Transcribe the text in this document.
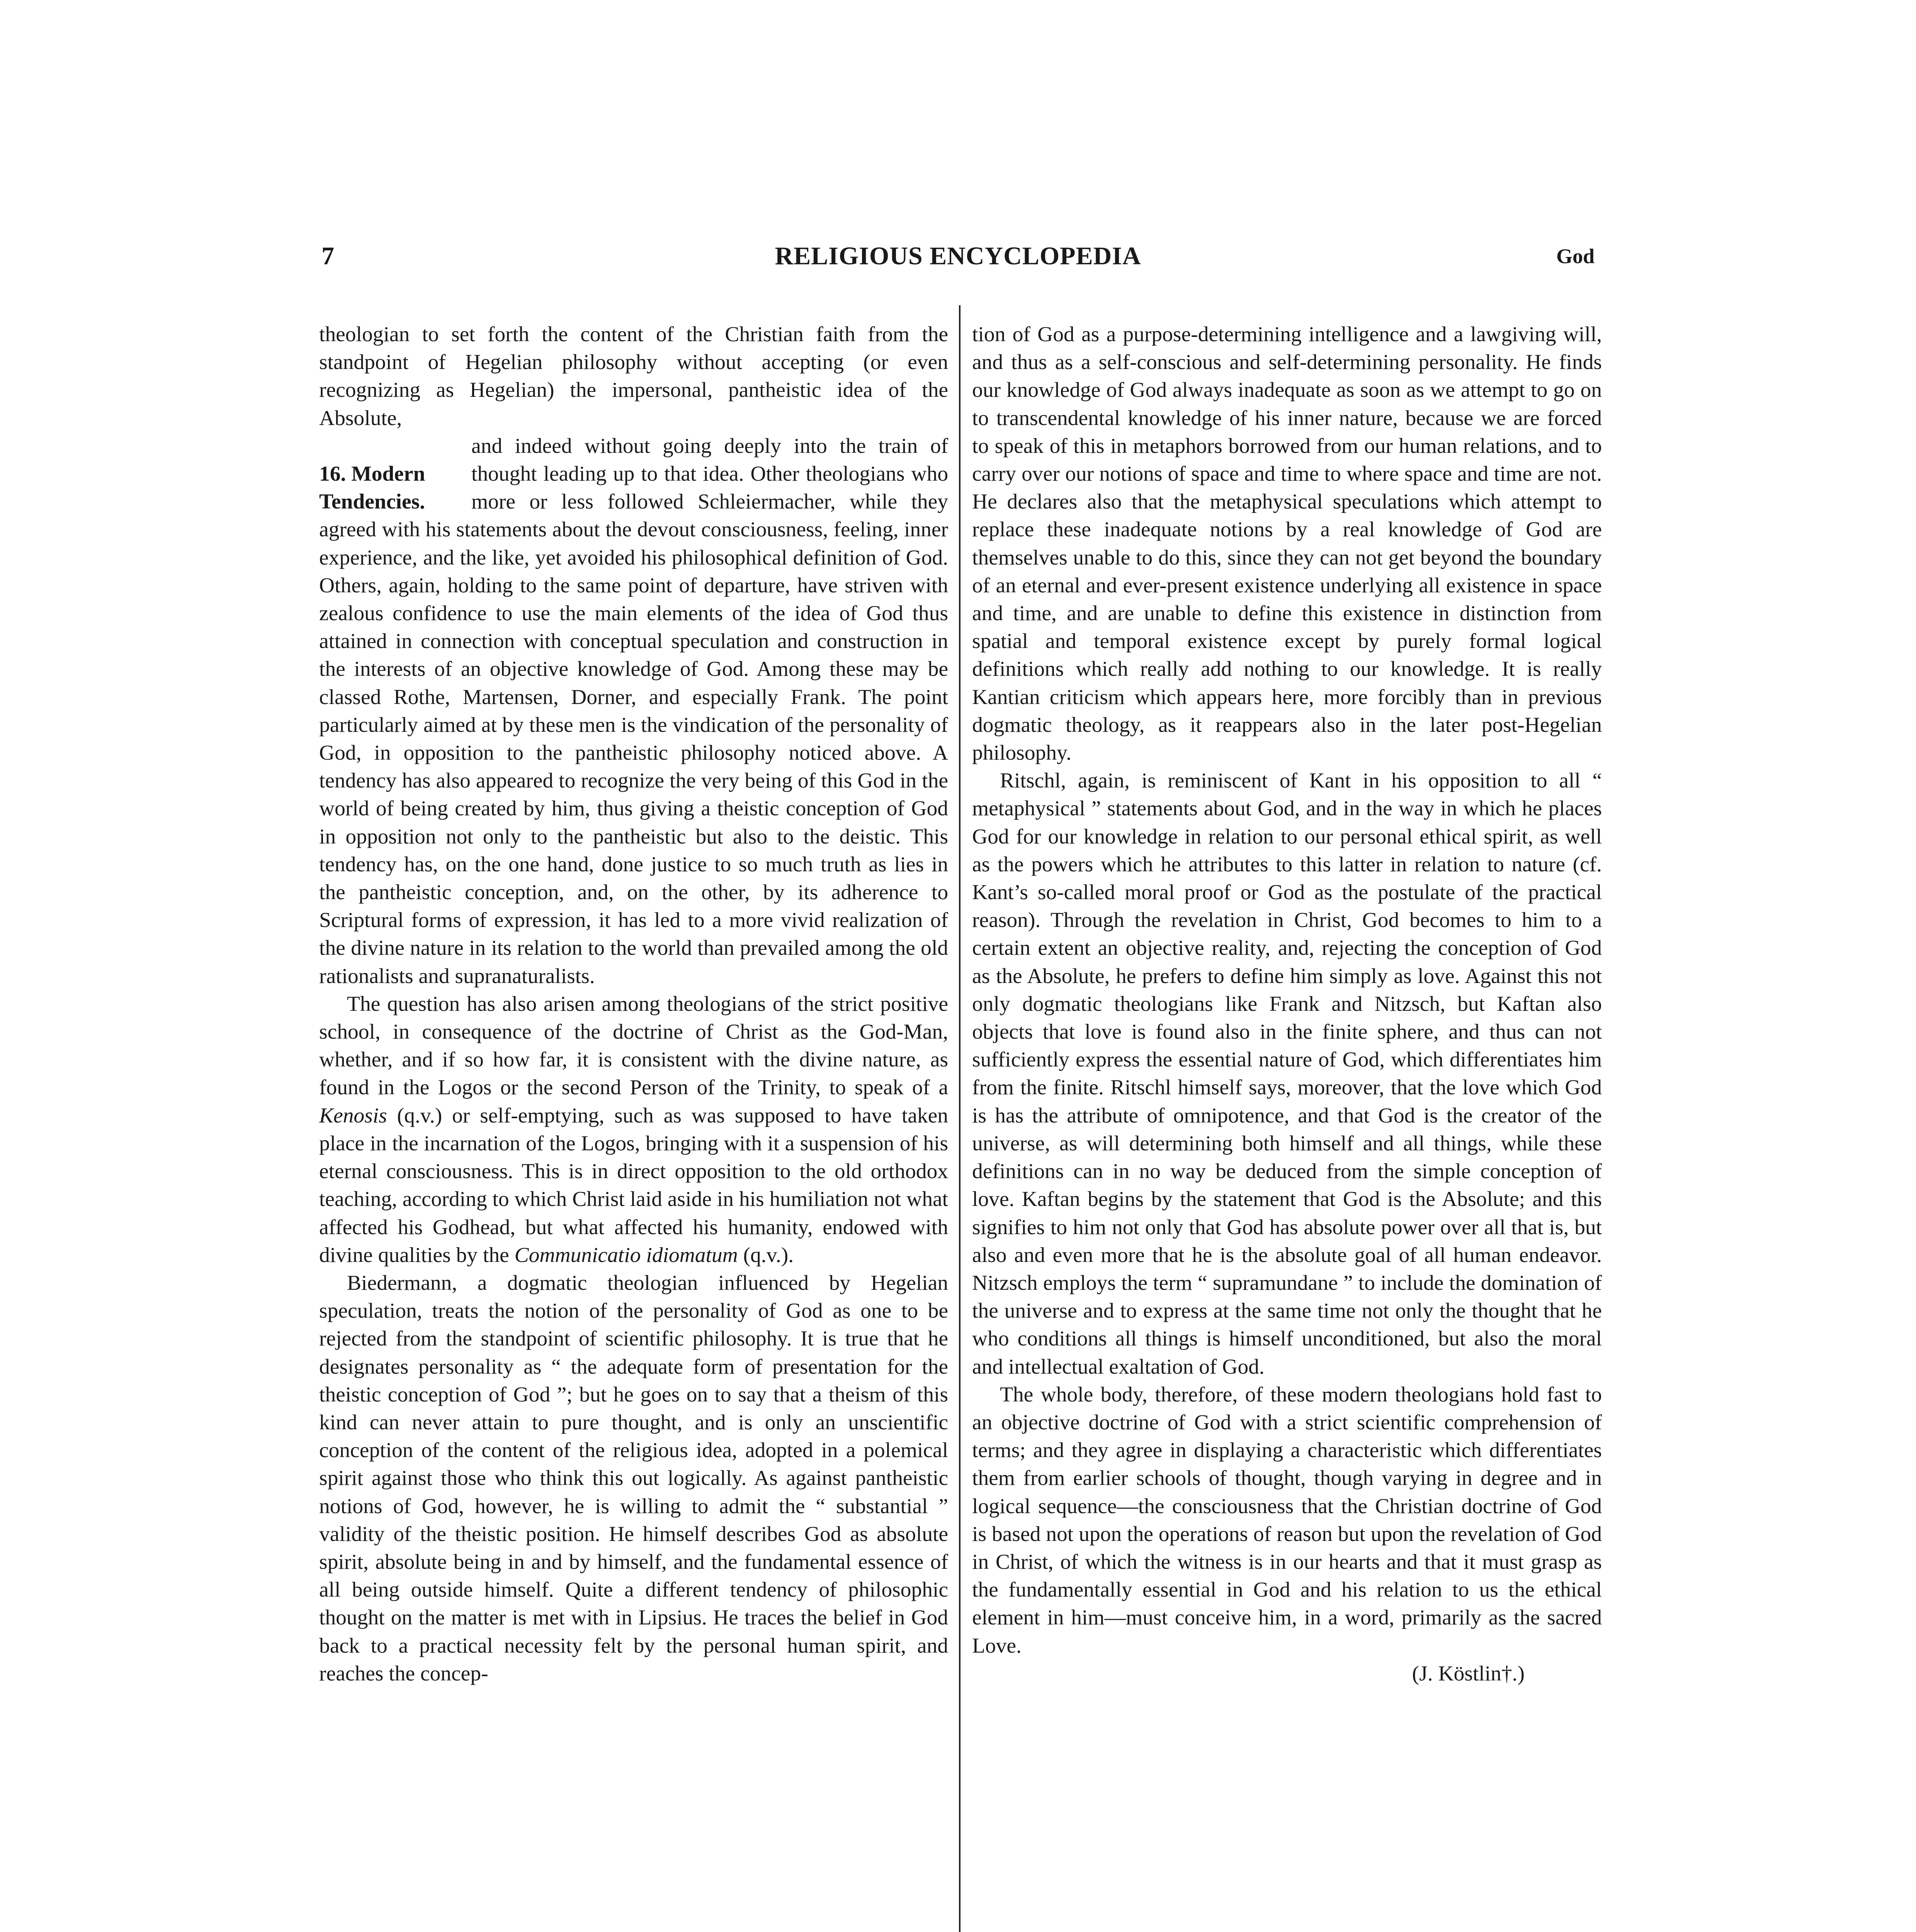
7	RELIGIOUS ENCYCLOPEDIA	God

theologian to set forth the content of the Christian faith from the standpoint of Hegelian philosophy without accepting (or even recognizing as Hegelian) the impersonal, pantheistic idea of the Absolute,

16. Modern
Tendencies.

and indeed without going deeply into the train of thought leading up to that idea. Other theologians who more or less followed Schleiermacher, while they agreed with his statements about the devout consciousness, feeling, inner experience, and the like, yet avoided his philosophical definition of God. Others, again, holding to the same point of departure, have striven with zealous confidence to use the main elements of the idea of God thus attained in connection with conceptual speculation and construction in the interests of an objective knowledge of God. Among these may be classed Rothe, Martensen, Dorner, and especially Frank. The point particularly aimed at by these men is the vindication of the personality of God, in opposition to the pantheistic philosophy noticed above. A tendency has also appeared to recognize the very being of this God in the world of being created by him, thus giving a theistic conception of God in opposition not only to the pantheistic but also to the deistic. This tendency has, on the one hand, done justice to so much truth as lies in the pantheistic conception, and, on the other, by its adherence to Scriptural forms of expression, it has led to a more vivid realization of the divine nature in its relation to the world than prevailed among the old rationalists and supranaturalists.

The question has also arisen among theologians of the strict positive school, in consequence of the doctrine of Christ as the God-Man, whether, and if so how far, it is consistent with the divine nature, as found in the Logos or the second Person of the Trinity, to speak of a Kenosis (q.v.) or self-emptying, such as was supposed to have taken place in the incarnation of the Logos, bringing with it a suspension of his eternal consciousness. This is in direct opposition to the old orthodox teaching, according to which Christ laid aside in his humiliation not what affected his Godhead, but what affected his humanity, endowed with divine qualities by the Communicatio idiomatum (q.v.).

Biedermann, a dogmatic theologian influenced by Hegelian speculation, treats the notion of the personality of God as one to be rejected from the standpoint of scientific philosophy. It is true that he designates personality as “ the adequate form of presentation for the theistic conception of God ”; but he goes on to say that a theism of this kind can never attain to pure thought, and is only an unscientific conception of the content of the religious idea, adopted in a polemical spirit against those who think this out logically. As against pantheistic notions of God, however, he is willing to admit the “ substantial ” validity of the theistic position. He himself describes God as absolute spirit, absolute being in and by himself, and the fundamental essence of all being outside himself. Quite a different tendency of philosophic thought on the matter is met with in Lipsius. He traces the belief in God back to a practical necessity felt by the personal human spirit, and reaches the concep-

tion of God as a purpose-determining intelligence and a lawgiving will, and thus as a self-conscious and self-determining personality. He finds our knowledge of God always inadequate as soon as we attempt to go on to transcendental knowledge of his inner nature, because we are forced to speak of this in metaphors borrowed from our human relations, and to carry over our notions of space and time to where space and time are not. He declares also that the metaphysical speculations which attempt to replace these inadequate notions by a real knowledge of God are themselves unable to do this, since they can not get beyond the boundary of an eternal and ever-present existence underlying all existence in space and time, and are unable to define this existence in distinction from spatial and temporal existence except by purely formal logical definitions which really add nothing to our knowledge. It is really Kantian criticism which appears here, more forcibly than in previous dogmatic theology, as it reappears also in the later post-Hegelian philosophy.

Ritschl, again, is reminiscent of Kant in his opposition to all “ metaphysical ” statements about God, and in the way in which he places God for our knowledge in relation to our personal ethical spirit, as well as the powers which he attributes to this latter in relation to nature (cf. Kant’s so-called moral proof or God as the postulate of the practical reason). Through the revelation in Christ, God becomes to him to a certain extent an objective reality, and, rejecting the conception of God as the Absolute, he prefers to define him simply as love. Against this not only dogmatic theologians like Frank and Nitzsch, but Kaftan also objects that love is found also in the finite sphere, and thus can not sufficiently express the essential nature of God, which differentiates him from the finite. Ritschl himself says, moreover, that the love which God is has the attribute of omnipotence, and that God is the creator of the universe, as will determining both himself and all things, while these definitions can in no way be deduced from the simple conception of love. Kaftan begins by the statement that God is the Absolute; and this signifies to him not only that God has absolute power over all that is, but also and even more that he is the absolute goal of all human endeavor. Nitzsch employs the term “ supramundane ” to include the domination of the universe and to express at the same time not only the thought that he who conditions all things is himself unconditioned, but also the moral and intellectual exaltation of God.

The whole body, therefore, of these modern theologians hold fast to an objective doctrine of God with a strict scientific comprehension of terms; and they agree in displaying a characteristic which differentiates them from earlier schools of thought, though varying in degree and in logical sequence—the consciousness that the Christian doctrine of God is based not upon the operations of reason but upon the revelation of God in Christ, of which the witness is in our hearts and that it must grasp as the fundamentally essential in God and his relation to us the ethical element in him—must conceive him, in a word, primarily as the sacred Love.

(J. Köstlin†.)
